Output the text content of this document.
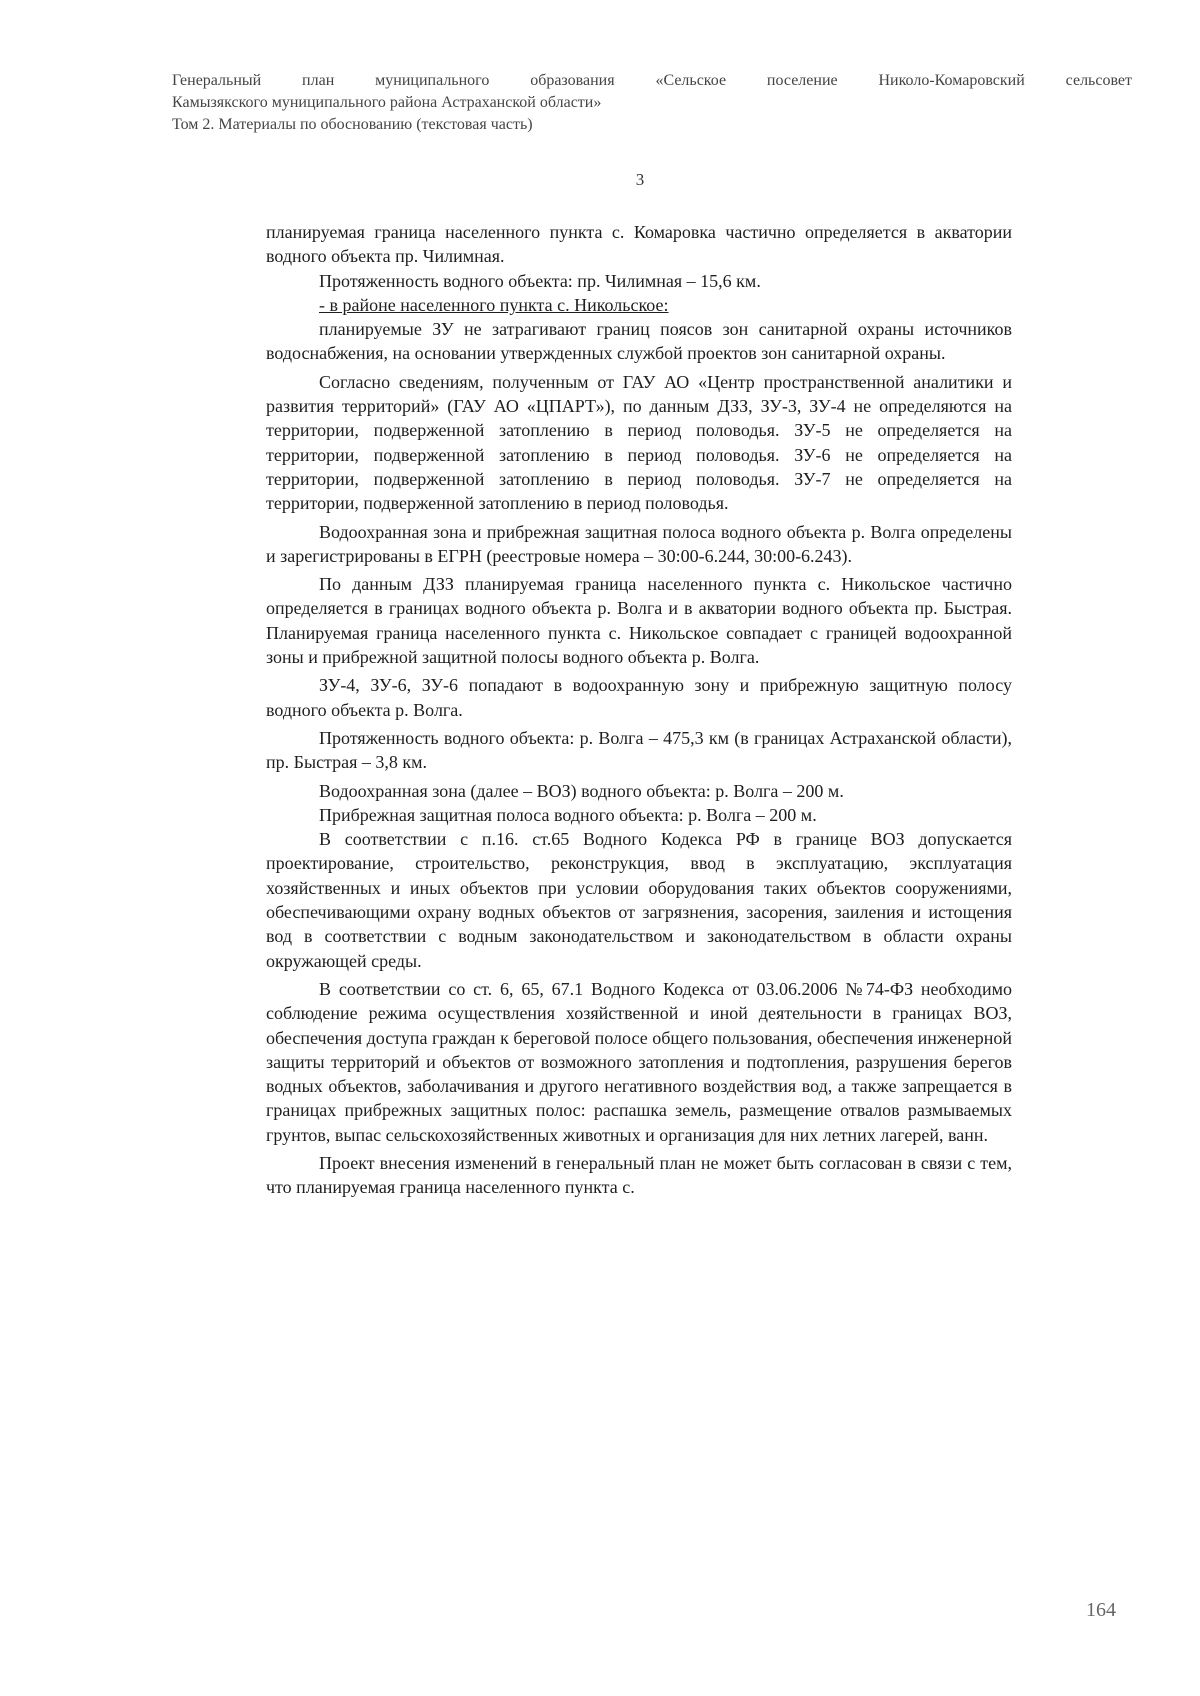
Генеральный план муниципального образования «Сельское поселение Николо-Комаровский сельсовет
Камызякского муниципального района Астраханской области»
Том 2. Материалы по обоснованию (текстовая часть)
3

планируемая граница населенного пункта с. Комаровка частично определяется в акватории водного объекта пр. Чилимная.

Протяженность водного объекта: пр. Чилимная – 15,6 км.

- в районе населенного пункта с. Никольское:

планируемые ЗУ не затрагивают границ поясов зон санитарной охраны источников водоснабжения, на основании утвержденных службой проектов зон санитарной охраны.

Согласно сведениям, полученным от ГАУ АО «Центр пространственной аналитики и развития территорий» (ГАУ АО «ЦПАРТ»), по данным ДЗЗ, ЗУ-3, ЗУ-4 не определяются на территории, подверженной затоплению в период половодья. ЗУ-5 не определяется на территории, подверженной затоплению в период половодья. ЗУ-6 не определяется на территории, подверженной затоплению в период половодья. ЗУ-7 не определяется на территории, подверженной затоплению в период половодья.

Водоохранная зона и прибрежная защитная полоса водного объекта р. Волга определены и зарегистрированы в ЕГРН (реестровые номера – 30:00-6.244, 30:00-6.243).

По данным ДЗЗ планируемая граница населенного пункта с. Никольское частично определяется в границах водного объекта р. Волга и в акватории водного объекта пр. Быстрая. Планируемая граница населенного пункта с. Никольское совпадает с границей водоохранной зоны и прибрежной защитной полосы водного объекта р. Волга.

ЗУ-4, ЗУ-6, ЗУ-6 попадают в водоохранную зону и прибрежную защитную полосу водного объекта р. Волга.

Протяженность водного объекта: р. Волга – 475,3 км (в границах Астраханской области), пр. Быстрая – 3,8 км.

Водоохранная зона (далее – ВОЗ) водного объекта: р. Волга – 200 м.

Прибрежная защитная полоса водного объекта: р. Волга – 200 м.

В соответствии с п.16. ст.65 Водного Кодекса РФ в границе ВОЗ допускается проектирование, строительство, реконструкция, ввод в эксплуатацию, эксплуатация хозяйственных и иных объектов при условии оборудования таких объектов сооружениями, обеспечивающими охрану водных объектов от загрязнения, засорения, заиления и истощения вод в соответствии с водным законодательством и законодательством в области охраны окружающей среды.

В соответствии со ст. 6, 65, 67.1 Водного Кодекса от 03.06.2006 №74-ФЗ необходимо соблюдение режима осуществления хозяйственной и иной деятельности в границах ВОЗ, обеспечения доступа граждан к береговой полосе общего пользования, обеспечения инженерной защиты территорий и объектов от возможного затопления и подтопления, разрушения берегов водных объектов, заболачивания и другого негативного воздействия вод, а также запрещается в границах прибрежных защитных полос: распашка земель, размещение отвалов размываемых грунтов, выпас сельскохозяйственных животных и организация для них летних лагерей, ванн.

Проект внесения изменений в генеральный план не может быть согласован в связи с тем, что планируемая граница населенного пункта с.

164
